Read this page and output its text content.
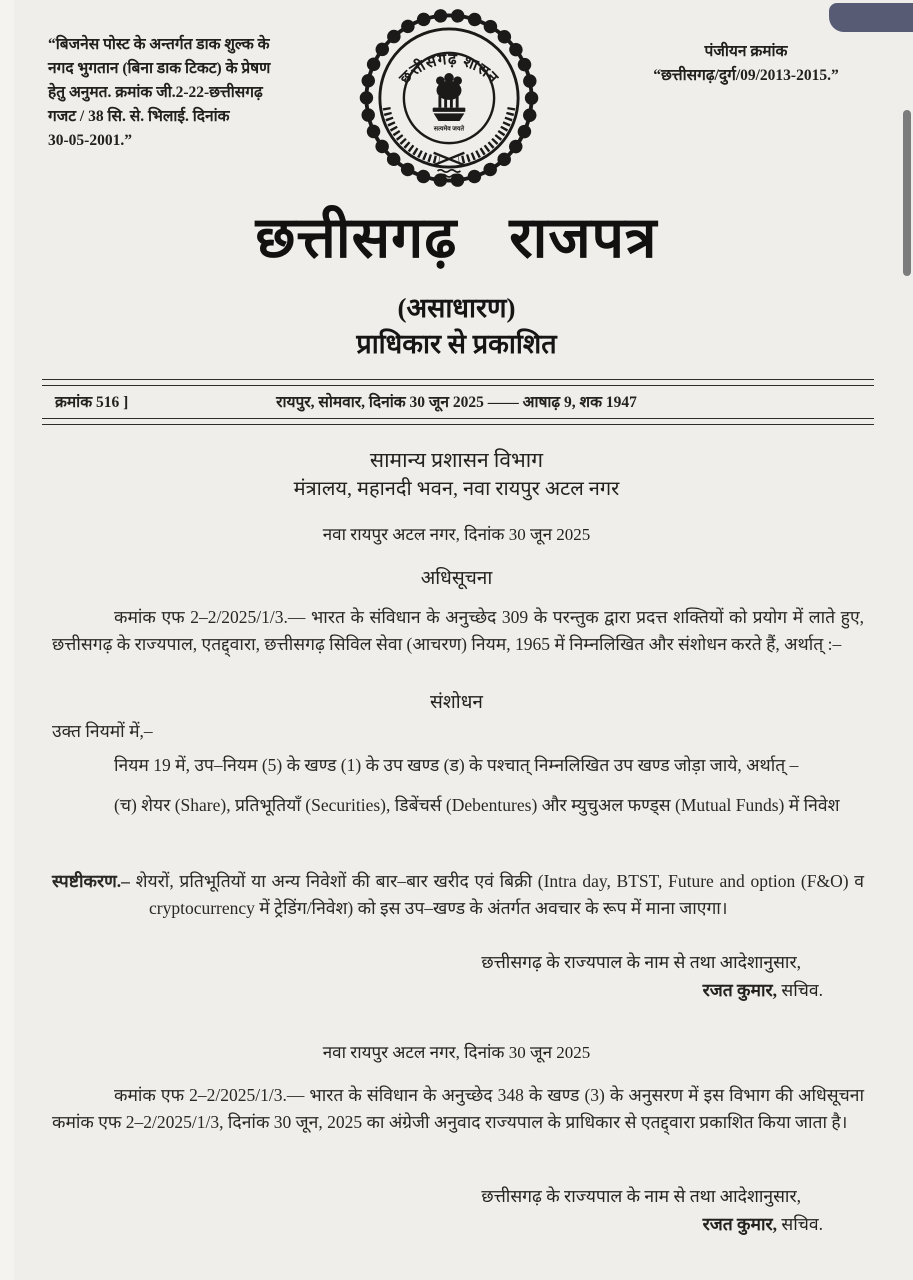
“बिजनेस पोस्ट के अन्तर्गत डाक शुल्क के
नगद भुगतान (बिना डाक टिकट) के प्रेषण
हेतु अनुमत. क्रमांक जी.2-22-छत्तीसगढ़
गजट / 38 सि. से. भिलाई. दिनांक
30-05-2001.”
पंजीयन क्रमांक
“छत्तीसगढ़/दुर्ग/09/2013-2015.”
छत्तीसगढ़ शासन
सत्यमेव जयते
छत्तीसगढ़ राजपत्र
(असाधारण)
प्राधिकार से प्रकाशित
क्रमांक 516 ]	रायपुर, सोमवार, दिनांक 30 जून 2025 —— आषाढ़ 9, शक 1947
सामान्य प्रशासन विभाग
मंत्रालय, महानदी भवन, नवा रायपुर अटल नगर
नवा रायपुर अटल नगर, दिनांक 30 जून 2025
अधिसूचना
कमांक एफ 2–2/2025/1/3.— भारत के संविधान के अनुच्छेद 309 के परन्तुक द्वारा प्रदत्त शक्तियों को प्रयोग में लाते हुए, छत्तीसगढ़ के राज्यपाल, एतद्द्वारा, छत्तीसगढ़ सिविल सेवा (आचरण) नियम, 1965 में निम्नलिखित और संशोधन करते हैं, अर्थात् :–
संशोधन
उक्त नियमों में,–
नियम 19 में, उप–नियम (5) के खण्ड (1) के उप खण्ड (ड) के पश्चात् निम्नलिखित उप खण्ड जोड़ा जाये, अर्थात् –
(च) शेयर (Share), प्रतिभूतियाँ (Securities), डिबेंचर्स (Debentures) और म्युचुअल फण्ड्स (Mutual Funds) में निवेश
स्पष्टीकरण.– शेयरों, प्रतिभूतियों या अन्य निवेशों की बार–बार खरीद एवं बिक्री (Intra day, BTST, Future and option (F&O) व cryptocurrency में ट्रेडिंग/निवेश) को इस उप–खण्ड के अंतर्गत अवचार के रूप में माना जाएगा।
छत्तीसगढ़ के राज्यपाल के नाम से तथा आदेशानुसार,
रजत कुमार, सचिव.
नवा रायपुर अटल नगर, दिनांक 30 जून 2025
कमांक एफ 2–2/2025/1/3.— भारत के संविधान के अनुच्छेद 348 के खण्ड (3) के अनुसरण में इस विभाग की अधिसूचना कमांक एफ 2–2/2025/1/3, दिनांक 30 जून, 2025 का अंग्रेजी अनुवाद राज्यपाल के प्राधिकार से एतद्द्वारा प्रकाशित किया जाता है।
छत्तीसगढ़ के राज्यपाल के नाम से तथा आदेशानुसार,
रजत कुमार, सचिव.
